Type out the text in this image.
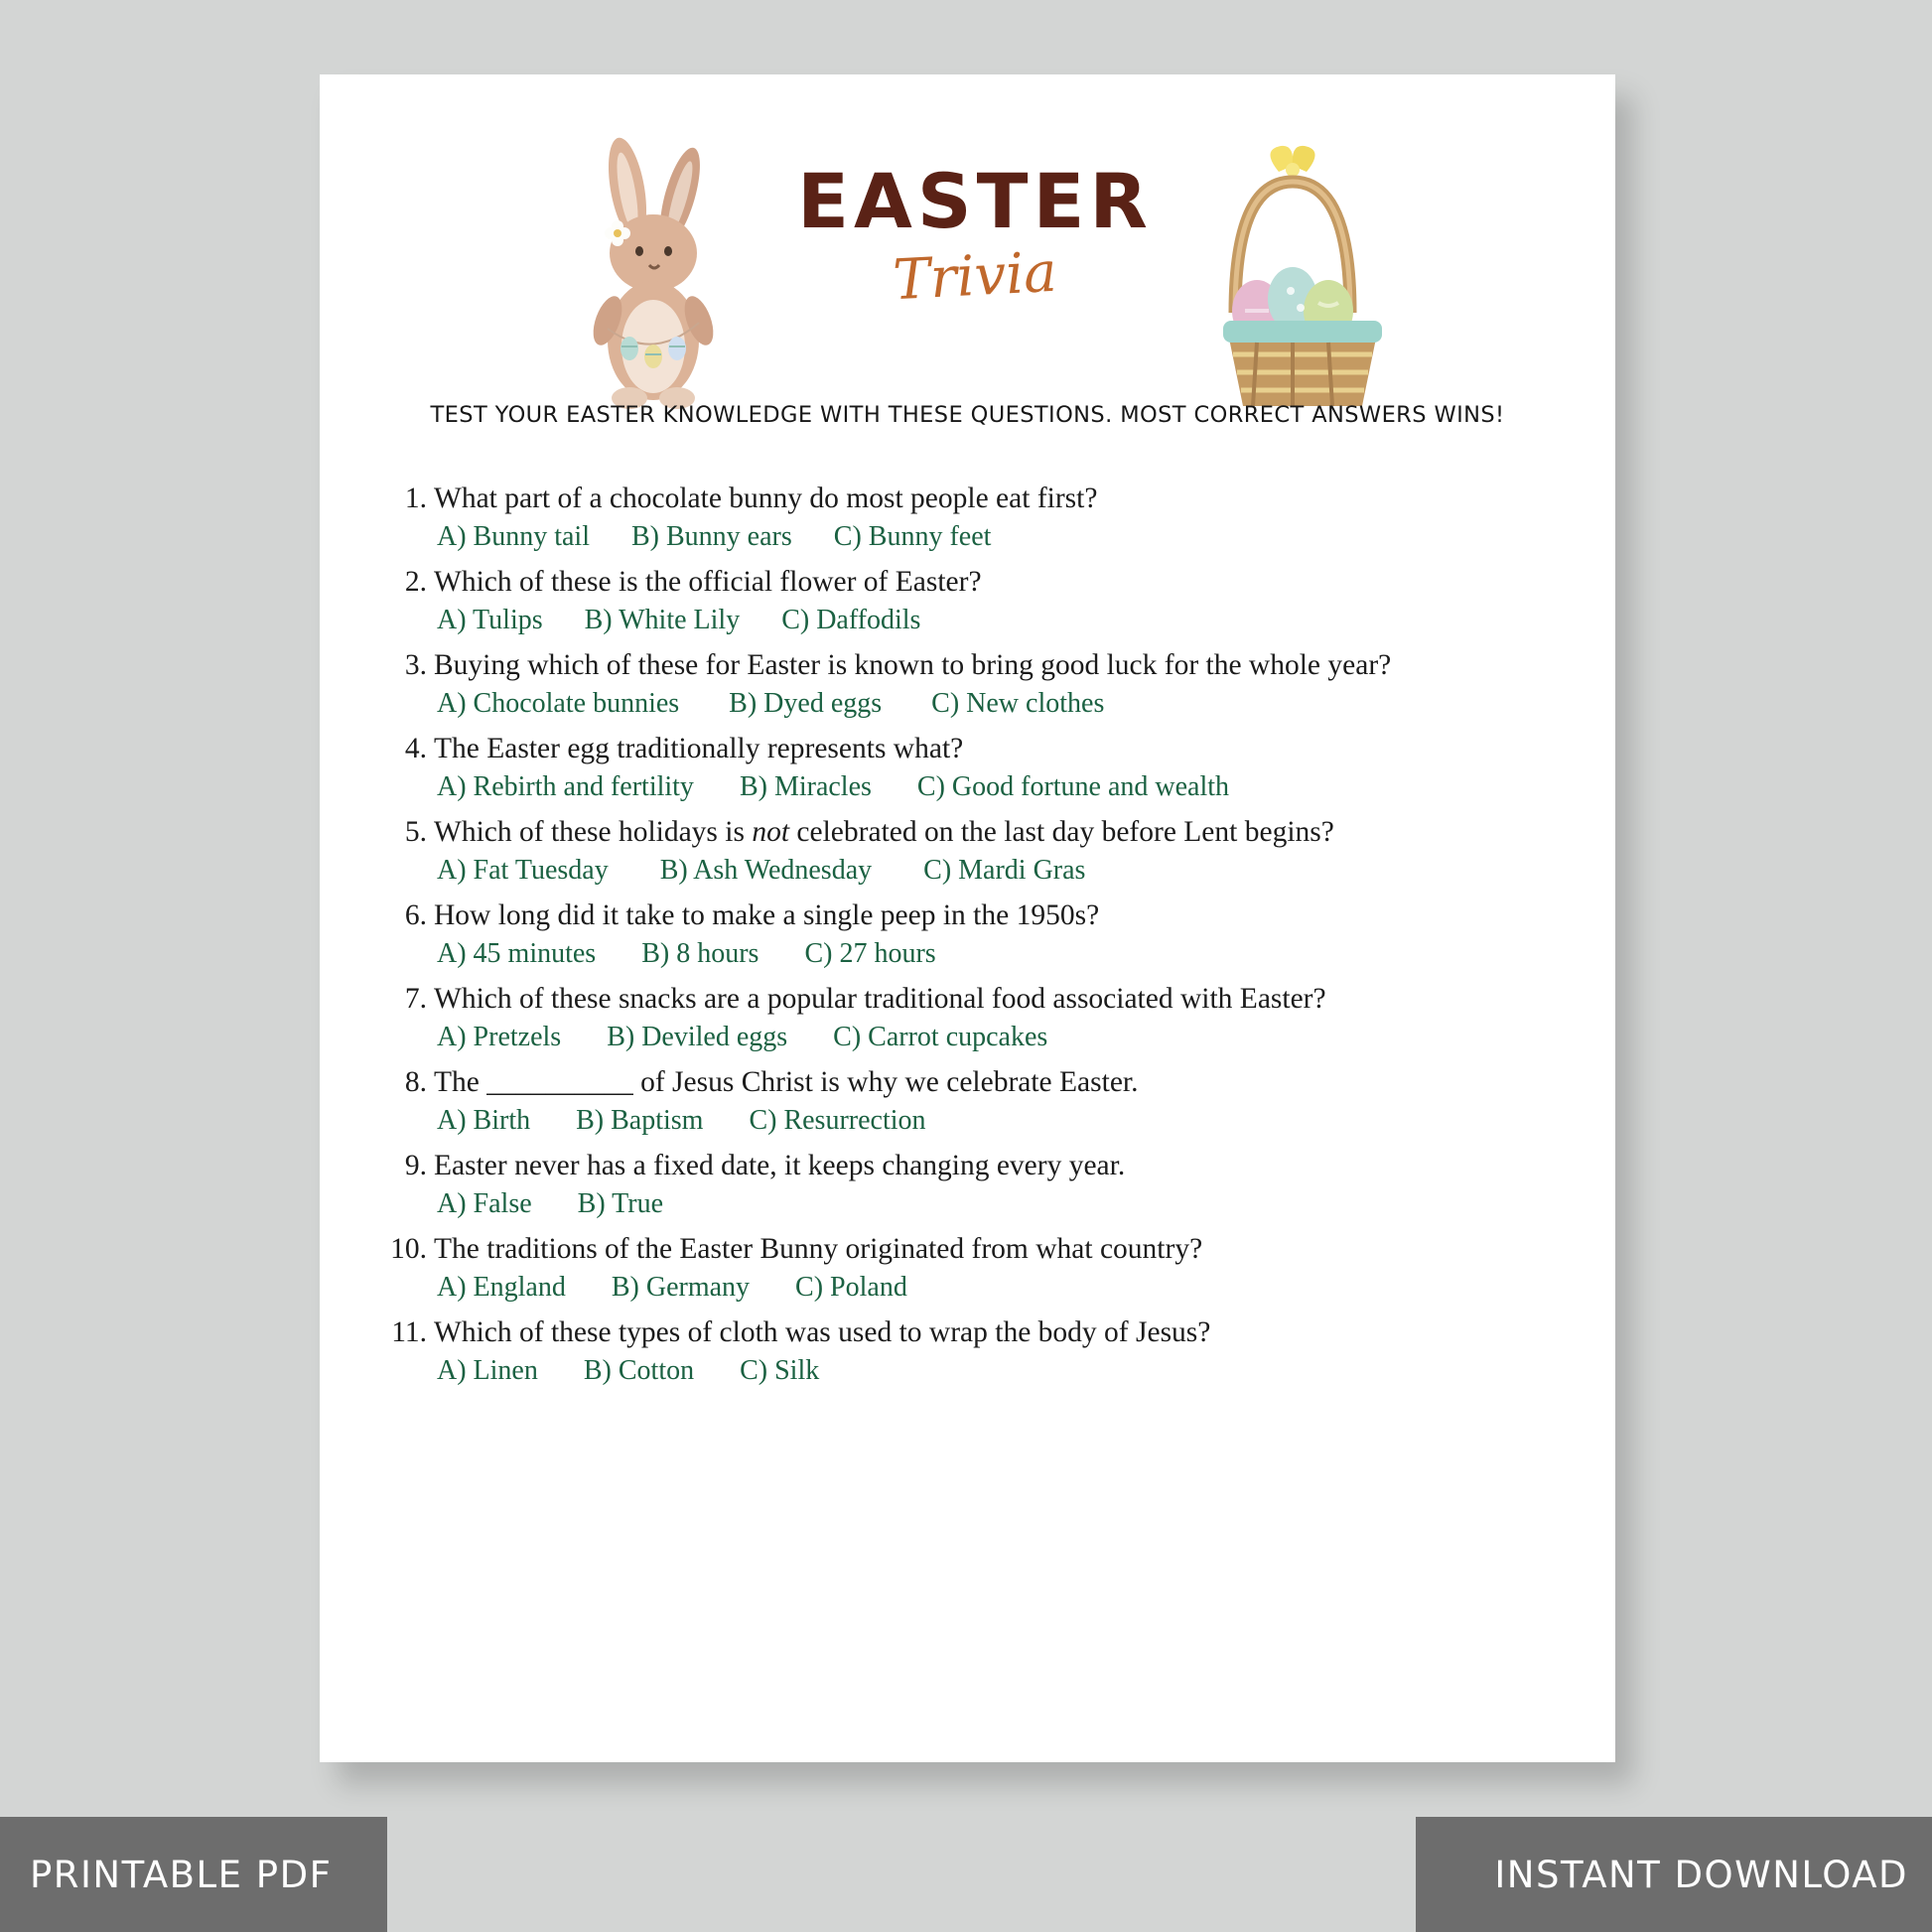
EASTER
Trivia
TEST YOUR EASTER KNOWLEDGE WITH THESE QUESTIONS. MOST CORRECT ANSWERS WINS!
1. What part of a chocolate bunny do most people eat first?
A) Bunny tail B) Bunny ears C) Bunny feet
2. Which of these is the official flower of Easter?
A) Tulips B) White Lily C) Daffodils
3. Buying which of these for Easter is known to bring good luck for the whole year?
A) Chocolate bunnies B) Dyed eggs C) New clothes
4. The Easter egg traditionally represents what?
A) Rebirth and fertility B) Miracles C) Good fortune and wealth
5. Which of these holidays is not celebrated on the last day before Lent begins?
A) Fat Tuesday B) Ash Wednesday C) Mardi Gras
6. How long did it take to make a single peep in the 1950s?
A) 45 minutes B) 8 hours C) 27 hours
7. Which of these snacks are a popular traditional food associated with Easter?
A) Pretzels B) Deviled eggs C) Carrot cupcakes
8. The __________ of Jesus Christ is why we celebrate Easter.
A) Birth B) Baptism C) Resurrection
9. Easter never has a fixed date, it keeps changing every year.
A) False B) True
10. The traditions of the Easter Bunny originated from what country?
A) England B) Germany C) Poland
11. Which of these types of cloth was used to wrap the body of Jesus?
A) Linen B) Cotton C) Silk
PRINTABLE PDF	INSTANT DOWNLOAD
